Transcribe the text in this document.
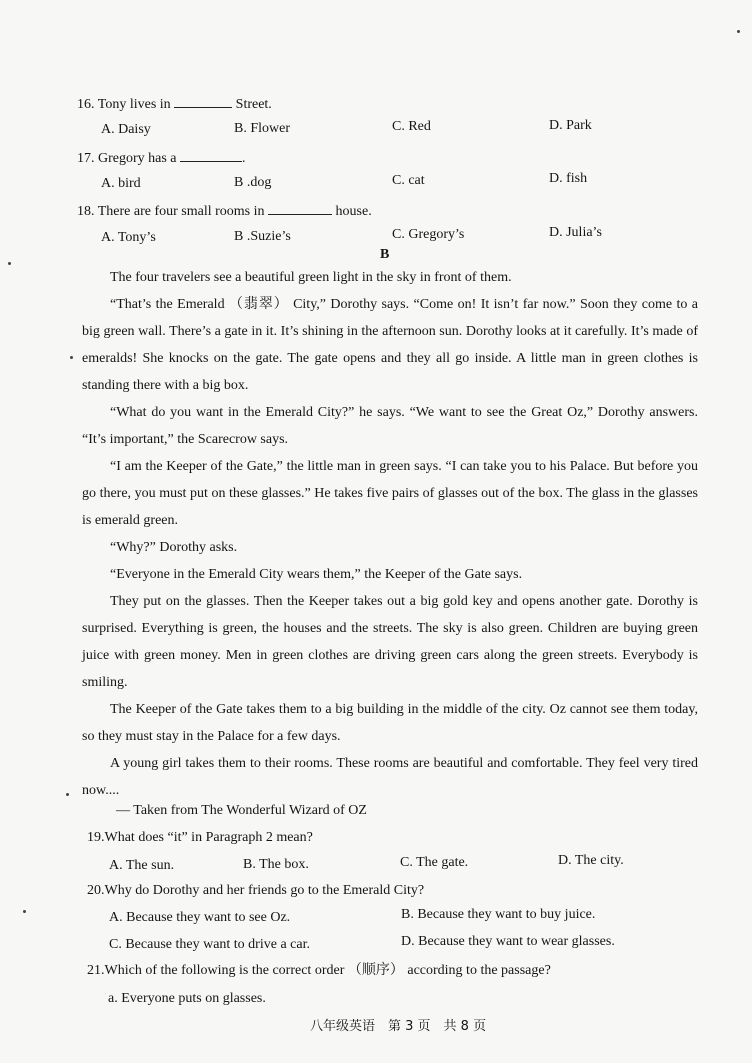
16. Tony lives in	Street.
A. Daisy	B. Flower	C. Red	D. Park
17. Gregory has a	.
A. bird	B .dog	C. cat	D. fish
18. There are four small rooms in	house.
A. Tony’s	B .Suzie’s	C. Gregory’s	D. Julia’s
B

The four travelers see a beautiful green light in the sky in front of them.

“That’s the Emerald （翡翠） City,” Dorothy says. “Come on! It isn’t far now.” Soon they come to a big green wall. There’s a gate in it. It’s shining in the afternoon sun. Dorothy looks at it carefully. It’s made of emeralds! She knocks on the gate. The gate opens and they all go inside. A little man in green clothes is standing there with a big box.

“What do you want in the Emerald City?” he says. “We want to see the Great Oz,” Dorothy answers. “It’s important,” the Scarecrow says.

“I am the Keeper of the Gate,” the little man in green says. “I can take you to his Palace. But before you go there, you must put on these glasses.” He takes five pairs of glasses out of the box. The glass in the glasses is emerald green.

“Why?” Dorothy asks.

“Everyone in the Emerald City wears them,” the Keeper of the Gate says.

They put on the glasses. Then the Keeper takes out a big gold key and opens another gate. Dorothy is surprised. Everything is green, the houses and the streets. The sky is also green. Children are buying green juice with green money. Men in green clothes are driving green cars along the green streets. Everybody is smiling.

The Keeper of the Gate takes them to a big building in the middle of the city. Oz cannot see them today, so they must stay in the Palace for a few days.

A young girl takes them to their rooms. These rooms are beautiful and comfortable. They feel very tired now....

— Taken from The Wonderful Wizard of OZ
19.What does “it” in Paragraph 2 mean?
A. The sun.	B. The box.	C. The gate.	D. The city.
20.Why do Dorothy and her friends go to the Emerald City?
A. Because they want to see Oz.	B. Because they want to buy juice.
C. Because they want to drive a car.	D. Because they want to wear glasses.
21.Which of the following is the correct order （顺序） according to the passage?
a. Everyone puts on glasses.
八年级英语　第 3 页　共 8 页
